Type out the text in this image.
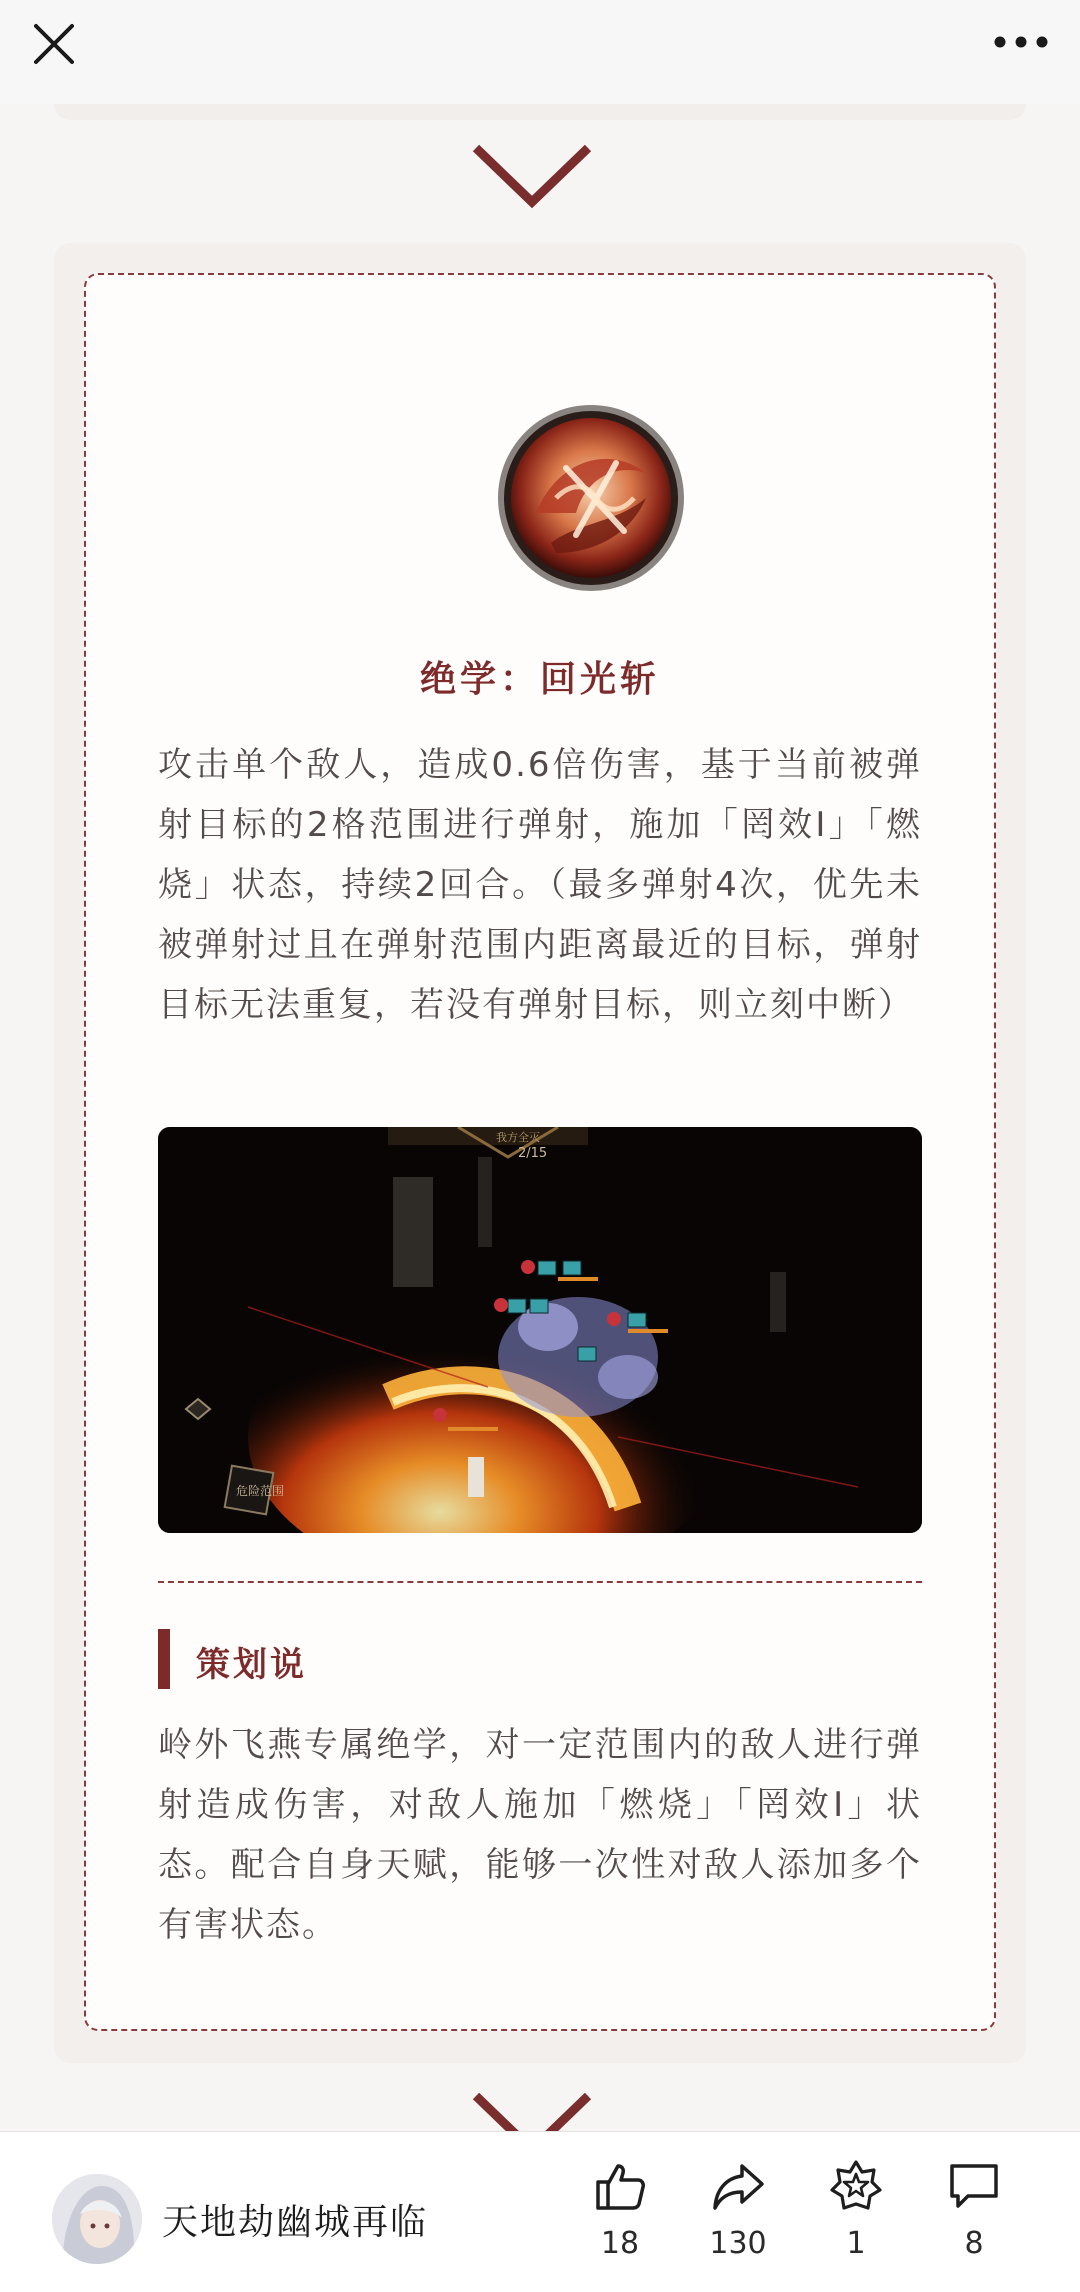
绝学：回光斩
攻击单个敌人，造成0.6倍伤害，基于当前被弹射目标的2格范围进行弹射，施加「罔效Ⅰ」「燃烧」状态，持续2回合。（最多弹射4次，优先未被弹射过且在弹射范围内距离最近的目标，弹射目标无法重复，若没有弹射目标，则立刻中断）
我方全灭
2/15
危险范围
策划说
岭外飞燕专属绝学，对一定范围内的敌人进行弹射造成伤害，对敌人施加「燃烧」「罔效Ⅰ」状态。配合自身天赋，能够一次性对敌人添加多个有害状态。
天地劫幽城再临
18	130	1	8
